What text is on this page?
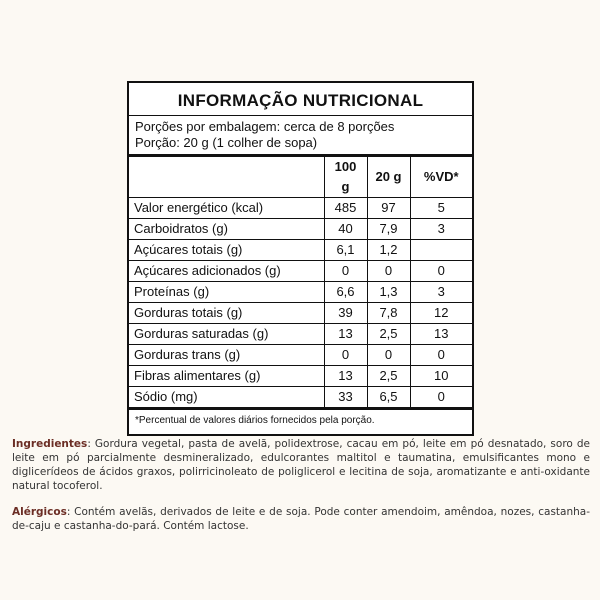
INFORMAÇÃO NUTRICIONAL
Porções por embalagem: cerca de 8 porções
Porção: 20 g (1 colher de sopa)
	100 g	20 g	%VD*
Valor energético (kcal)	485	97	5
Carboidratos (g)	40	7,9	3
Açúcares totais (g)	6,1	1,2	
Açúcares adicionados (g)	0	0	0
Proteínas (g)	6,6	1,3	3
Gorduras totais (g)	39	7,8	12
Gorduras saturadas (g)	13	2,5	13
Gorduras trans (g)	0	0	0
Fibras alimentares (g)	13	2,5	10
Sódio (mg)	33	6,5	0
*Percentual de valores diários fornecidos pela porção.
Ingredientes: Gordura vegetal, pasta de avelã, polidextrose, cacau em pó, leite em pó desnatado, soro de leite em pó parcialmente desmineralizado, edulcorantes maltitol e taumatina, emulsificantes mono e diglicerídeos de ácidos graxos, polirricinoleato de poliglicerol e lecitina de soja, aromatizante e anti-oxidante natural tocoferol.
Alérgicos: Contém avelãs, derivados de leite e de soja. Pode conter amendoim, amêndoa, nozes, castanha-de-caju e castanha-do-pará. Contém lactose.
